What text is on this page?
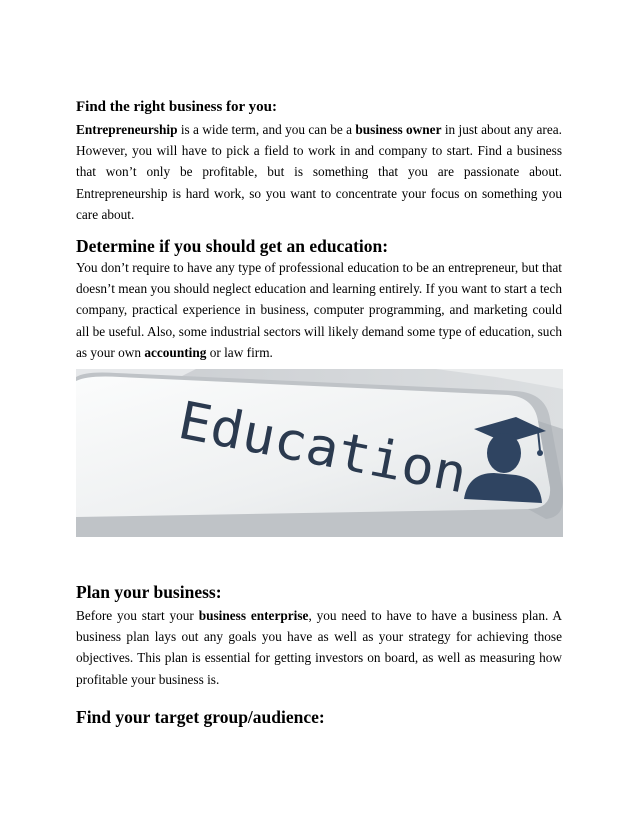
Find the right business for you:

Entrepreneurship is a wide term, and you can be a business owner in just about any area. However, you will have to pick a field to work in and company to start. Find a business that won’t only be profitable, but is something that you are passionate about. Entrepreneurship is hard work, so you want to concentrate your focus on something you care about.

Determine if you should get an education:

You don’t require to have any type of professional education to be an entrepreneur, but that doesn’t mean you should neglect education and learning entirely. If you want to start a tech company, practical experience in business, computer programming, and marketing could all be useful. Also, some industrial sectors will likely demand some type of education, such as your own accounting or law firm.

Education
Plan your business:

Before you start your business enterprise, you need to have to have a business plan. A business plan lays out any goals you have as well as your strategy for achieving those objectives. This plan is essential for getting investors on board, as well as measuring how profitable your business is.

Find your target group/audience:
